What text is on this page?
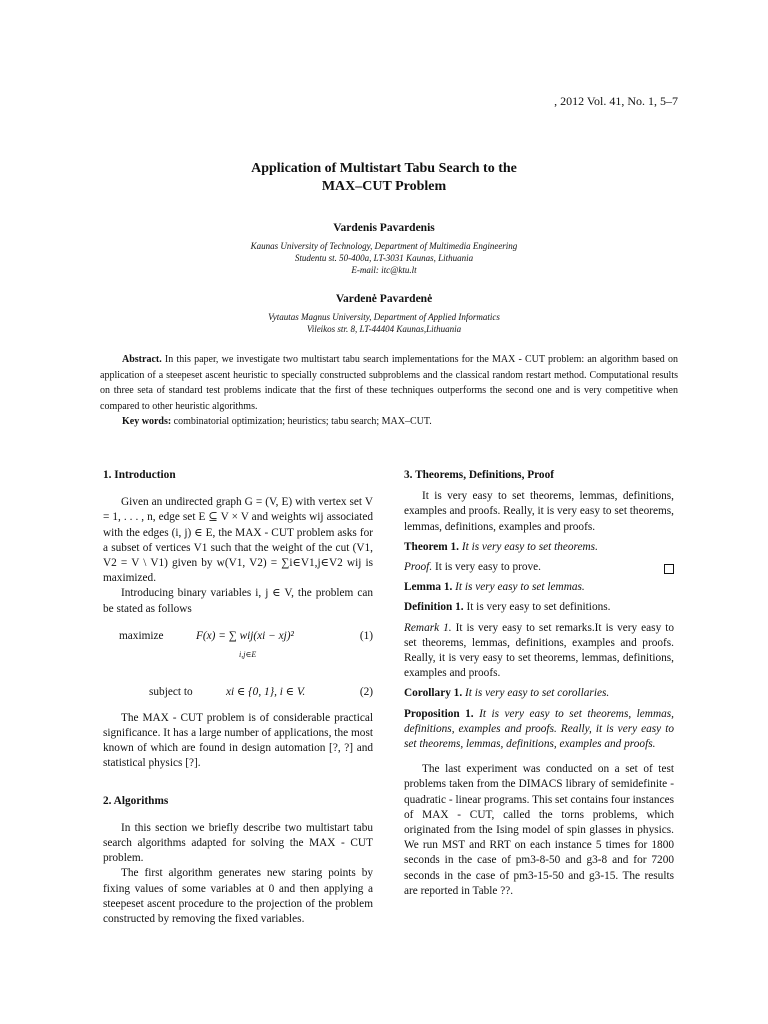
, 2012 Vol. 41, No. 1, 5–7
Application of Multistart Tabu Search to the
MAX–CUT Problem
Vardenis Pavardenis
Kaunas University of Technology, Department of Multimedia Engineering
Studentu st. 50-400a, LT-3031 Kaunas, Lithuania
E-mail: itc@ktu.lt
Vardenė Pavardenė
Vytautas Magnus University, Department of Applied Informatics
Vileikos str. 8, LT-44404 Kaunas,Lithuania

Abstract. In this paper, we investigate two multistart tabu search implementations for the MAX - CUT problem: an algorithm based on application of a steepeset ascent heuristic to specially constructed subproblems and the classical random restart method. Computational results on three seta of standard test problems indicate that the first of these techniques outperforms the second one and is very competitive when compared to other heuristic algorithms.

Key words: combinatorial optimization; heuristics; tabu search; MAX–CUT.

1. Introduction

Given an undirected graph G = (V, E) with vertex set V = 1, . . . , n, edge set E ⊆ V × V and weights wij associated with the edges (i, j) ∈ E, the MAX - CUT problem asks for a subset of vertices V1 such that the weight of the cut (V1, V2 = V \ V1) given by w(V1, V2) = ∑i∈V1,j∈V2 wij is maximized.

Introducing binary variables i, j ∈ V, the problem can be stated as follows

maximize	F(x) = ∑ wij(xi − xj)²
i,j∈E
(1)
subject to	xi ∈ {0, 1}, i ∈ V.	(2)

The MAX - CUT problem is of considerable practical significance. It has a large number of applications, the most known of which are found in design automation [?, ?] and statistical physics [?].

2. Algorithms

In this section we briefly describe two multistart tabu search algorithms adapted for solving the MAX - CUT problem.

The first algorithm generates new staring points by fixing values of some variables at 0 and then applying a steepeset ascent procedure to the projection of the problem constructed by removing the fixed variables.

3. Theorems, Definitions, Proof

It is very easy to set theorems, lemmas, definitions, examples and proofs. Really, it is very easy to set theorems, lemmas, definitions, examples and proofs.

Theorem 1. It is very easy to set theorems.

Proof. It is very easy to prove.

Lemma 1. It is very easy to set lemmas.

Definition 1. It is very easy to set definitions.

Remark 1. It is very easy to set remarks.It is very easy to set theorems, lemmas, definitions, examples and proofs. Really, it is very easy to set theorems, lemmas, definitions, examples and proofs.

Corollary 1. It is very easy to set corollaries.

Proposition 1. It is very easy to set theorems, lemmas, definitions, examples and proofs. Really, it is very easy to set theorems, lemmas, definitions, examples and proofs.

The last experiment was conducted on a set of test problems taken from the DIMACS library of semidefinite - quadratic - linear programs. This set contains four instances of MAX - CUT, called the torns problems, which originated from the Ising model of spin glasses in physics. We run MST and RRT on each instance 5 times for 1800 seconds in the case of pm3-8-50 and g3-8 and for 7200 seconds in the case of pm3-15-50 and g3-15. The results are reported in Table ??.
